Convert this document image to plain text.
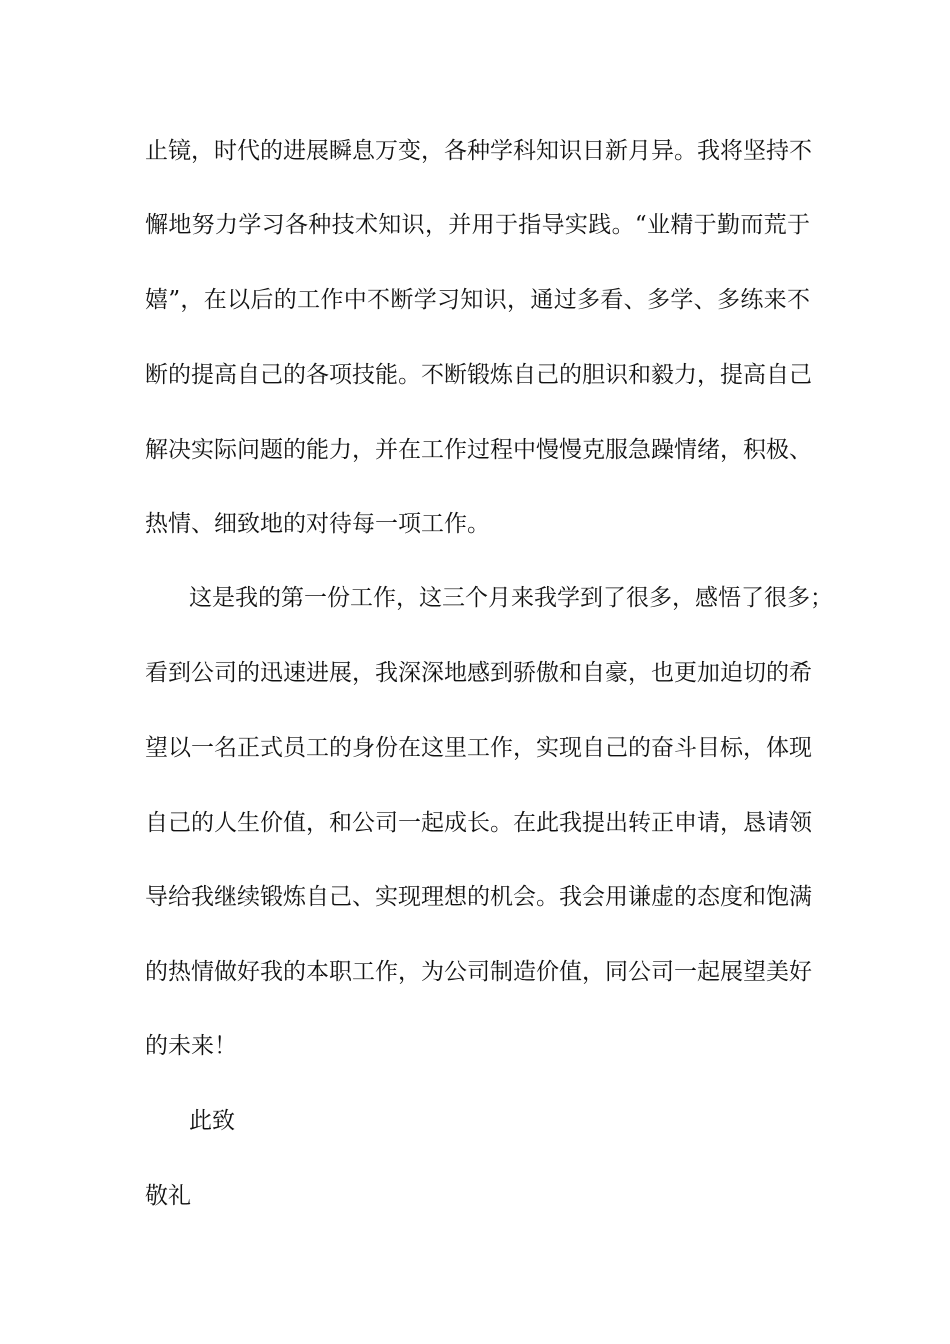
止镜，时代的进展瞬息万变，各种学科知识日新月异。我将坚持不
懈地努力学习各种技术知识，并用于指导实践。“业精于勤而荒于
嬉”，在以后的工作中不断学习知识，通过多看、多学、多练来不
断的提高自己的各项技能。不断锻炼自己的胆识和毅力，提高自己
解决实际问题的能力，并在工作过程中慢慢克服急躁情绪，积极、
热情、细致地的对待每一项工作。
这是我的第一份工作，这三个月来我学到了很多，感悟了很多；
看到公司的迅速进展，我深深地感到骄傲和自豪，也更加迫切的希
望以一名正式员工的身份在这里工作，实现自己的奋斗目标，体现
自己的人生价值，和公司一起成长。在此我提出转正申请，恳请领
导给我继续锻炼自己、实现理想的机会。我会用谦虚的态度和饱满
的热情做好我的本职工作，为公司制造价值，同公司一起展望美好
的未来！
此致
敬礼
